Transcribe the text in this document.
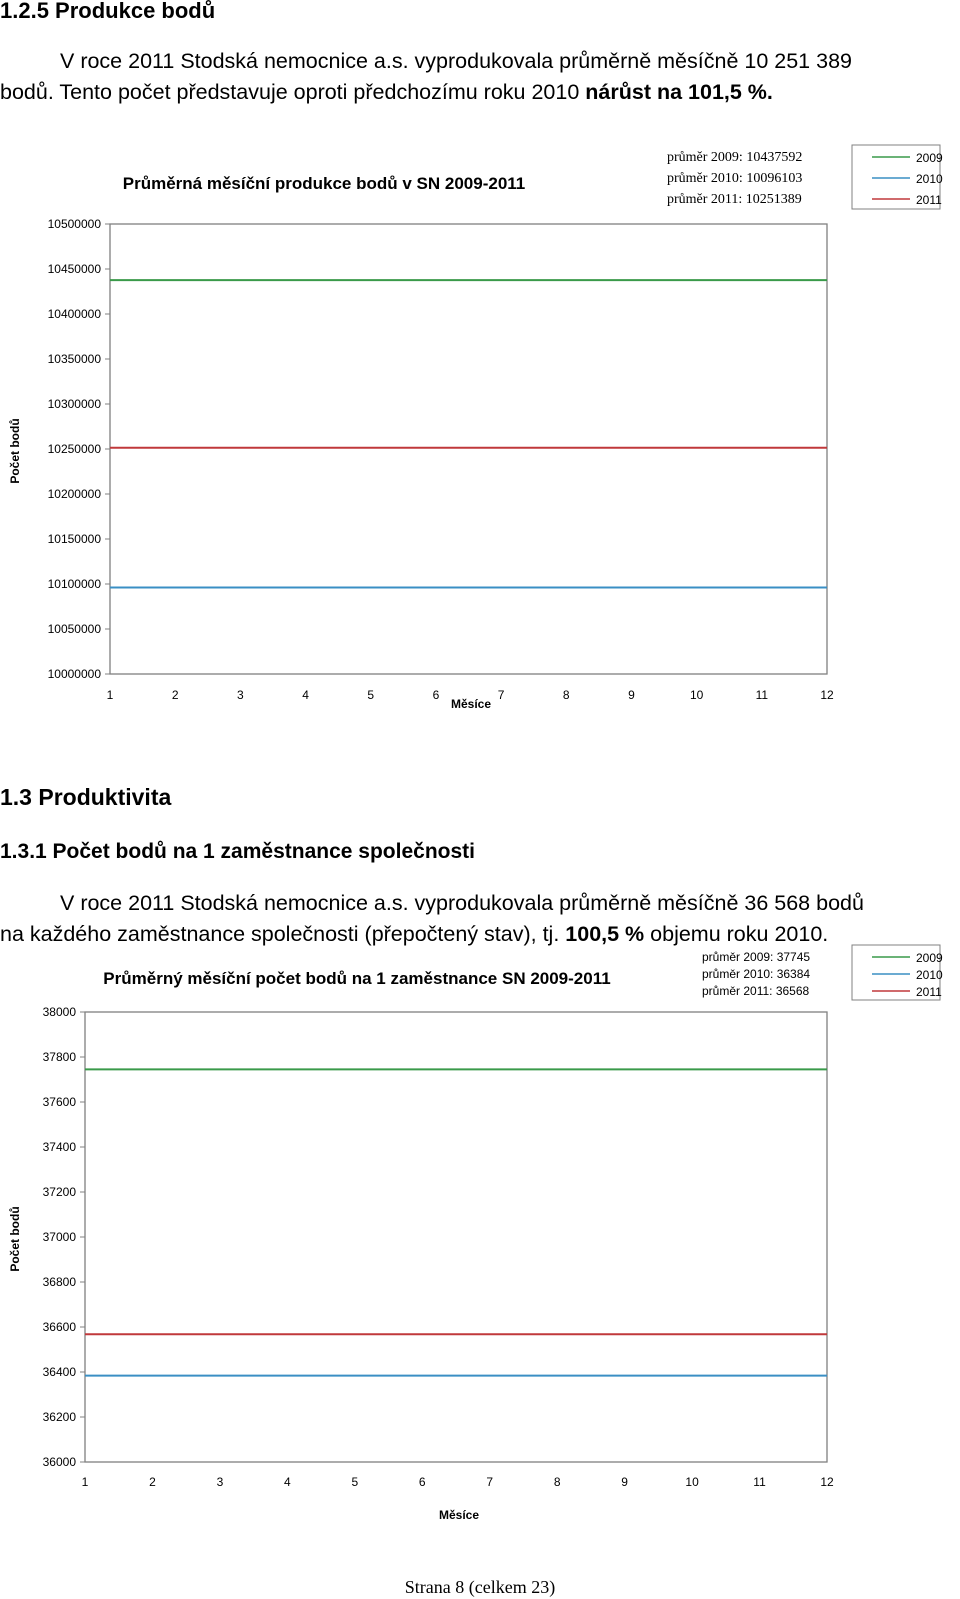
1.2.5 Produkce bodů
V roce 2011 Stodská nemocnice a.s. vyprodukovala průměrně měsíčně 10 251 389
bodů. Tento počet představuje oproti předchozímu roku 2010 nárůst na 101,5 %.
Průměrná měsíční produkce bodů v SN 2009-2011
průměr 2009: 10437592
průměr 2010: 10096103
průměr 2011: 10251389
2009
2010
2011
10500000
10450000
10400000
10350000
10300000
10250000
10200000
10150000
10100000
10050000
10000000
1	2	3	4	5	6	7	8	9	10	11	12
Měsíce
Počet bodů
1.3 Produktivita
1.3.1 Počet bodů na 1 zaměstnance společnosti
V roce 2011 Stodská nemocnice a.s. vyprodukovala průměrně měsíčně 36 568 bodů
na každého zaměstnance společnosti (přepočtený stav), tj. 100,5 % objemu roku 2010.
Průměrný měsíční počet bodů na 1 zaměstnance SN 2009-2011
průměr 2009: 37745
průměr 2010: 36384
průměr 2011: 36568
2009
2010
2011
38000
37800
37600
37400
37200
37000
36800
36600
36400
36200
36000
1	2	3	4	5	6	7	8	9	10	11	12
Měsíce
Počet bodů
Strana 8 (celkem 23)
